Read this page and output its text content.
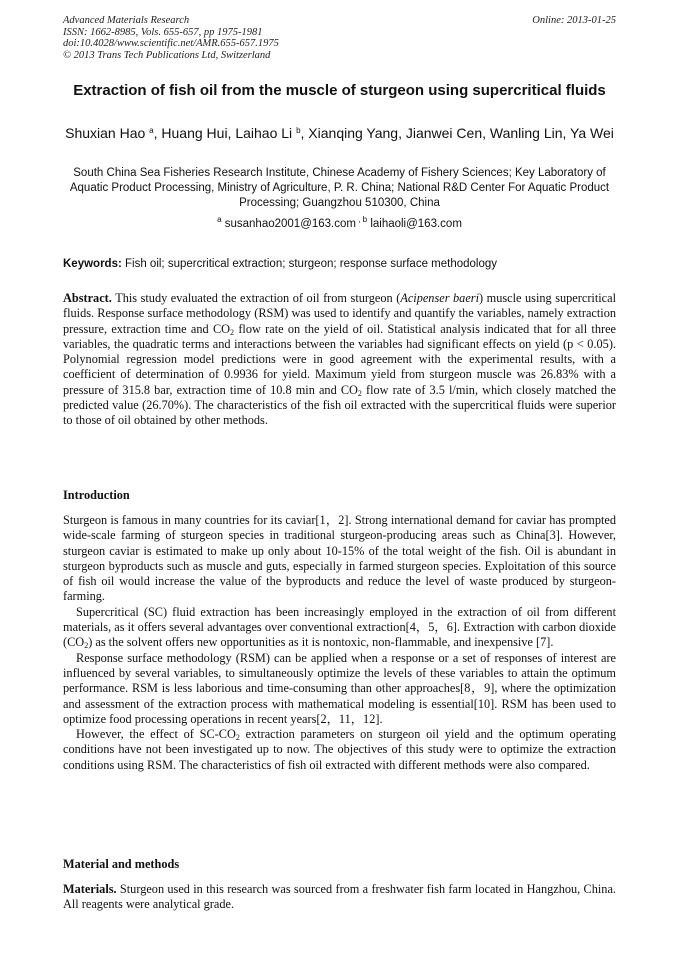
Advanced Materials Research
ISSN: 1662-8985, Vols. 655-657, pp 1975-1981
doi:10.4028/www.scientific.net/AMR.655-657.1975
© 2013 Trans Tech Publications Ltd, Switzerland
Online: 2013-01-25
Extraction of fish oil from the muscle of sturgeon using supercritical fluids
Shuxian Hao $^a$, Huang Hui, Laihao Li $^b$, Xianqing Yang, Jianwei Cen, Wanling Lin, Ya Wei
South China Sea Fisheries Research Institute, Chinese Academy of Fishery Sciences; Key Laboratory of Aquatic Product Processing, Ministry of Agriculture, P. R. China; National R&D Center For Aquatic Product Processing; Guangzhou 510300, China
$^a$ susanhao2001@163.com , $^b$ laihaoli@163.com
Keywords: Fish oil; supercritical extraction; sturgeon; response surface methodology
Abstract. This study evaluated the extraction of oil from sturgeon (Acipenser baeri) muscle using supercritical fluids. Response surface methodology (RSM) was used to identify and quantify the variables, namely extraction pressure, extraction time and $CO_2$ flow rate on the yield of oil. Statistical analysis indicated that for all three variables, the quadratic terms and interactions between the variables had significant effects on yield (p < 0.05). Polynomial regression model predictions were in good agreement with the experimental results, with a coefficient of determination of 0.9936 for yield. Maximum yield from sturgeon muscle was 26.83% with a pressure of 315.8 bar, extraction time of 10.8 min and $CO_2$ flow rate of 3.5 l/min, which closely matched the predicted value (26.70%). The characteristics of the fish oil extracted with the supercritical fluids were superior to those of oil obtained by other methods.
Introduction

Sturgeon is famous in many countries for its caviar[1，2]. Strong international demand for caviar has prompted wide-scale farming of sturgeon species in traditional sturgeon-producing areas such as China[3]. However, sturgeon caviar is estimated to make up only about 10-15% of the total weight of the fish. Oil is abundant in sturgeon byproducts such as muscle and guts, especially in farmed sturgeon species. Exploitation of this source of fish oil would increase the value of the byproducts and reduce the level of waste produced by sturgeon-farming.

Supercritical (SC) fluid extraction has been increasingly employed in the extraction of oil from different materials, as it offers several advantages over conventional extraction[4，5，6]. Extraction with carbon dioxide $(CO_2)$ as the solvent offers new opportunities as it is nontoxic, non-flammable, and inexpensive [7].

Response surface methodology (RSM) can be applied when a response or a set of responses of interest are influenced by several variables, to simultaneously optimize the levels of these variables to attain the optimum performance. RSM is less laborious and time-consuming than other approaches[8，9], where the optimization and assessment of the extraction process with mathematical modeling is essential[10]. RSM has been used to optimize food processing operations in recent years[2，11，12].

However, the effect of $SC-CO_2$ extraction parameters on sturgeon oil yield and the optimum operating conditions have not been investigated up to now. The objectives of this study were to optimize the extraction conditions using RSM. The characteristics of fish oil extracted with different methods were also compared.

Material and methods
Materials. Sturgeon used in this research was sourced from a freshwater fish farm located in Hangzhou, China. All reagents were analytical grade.
